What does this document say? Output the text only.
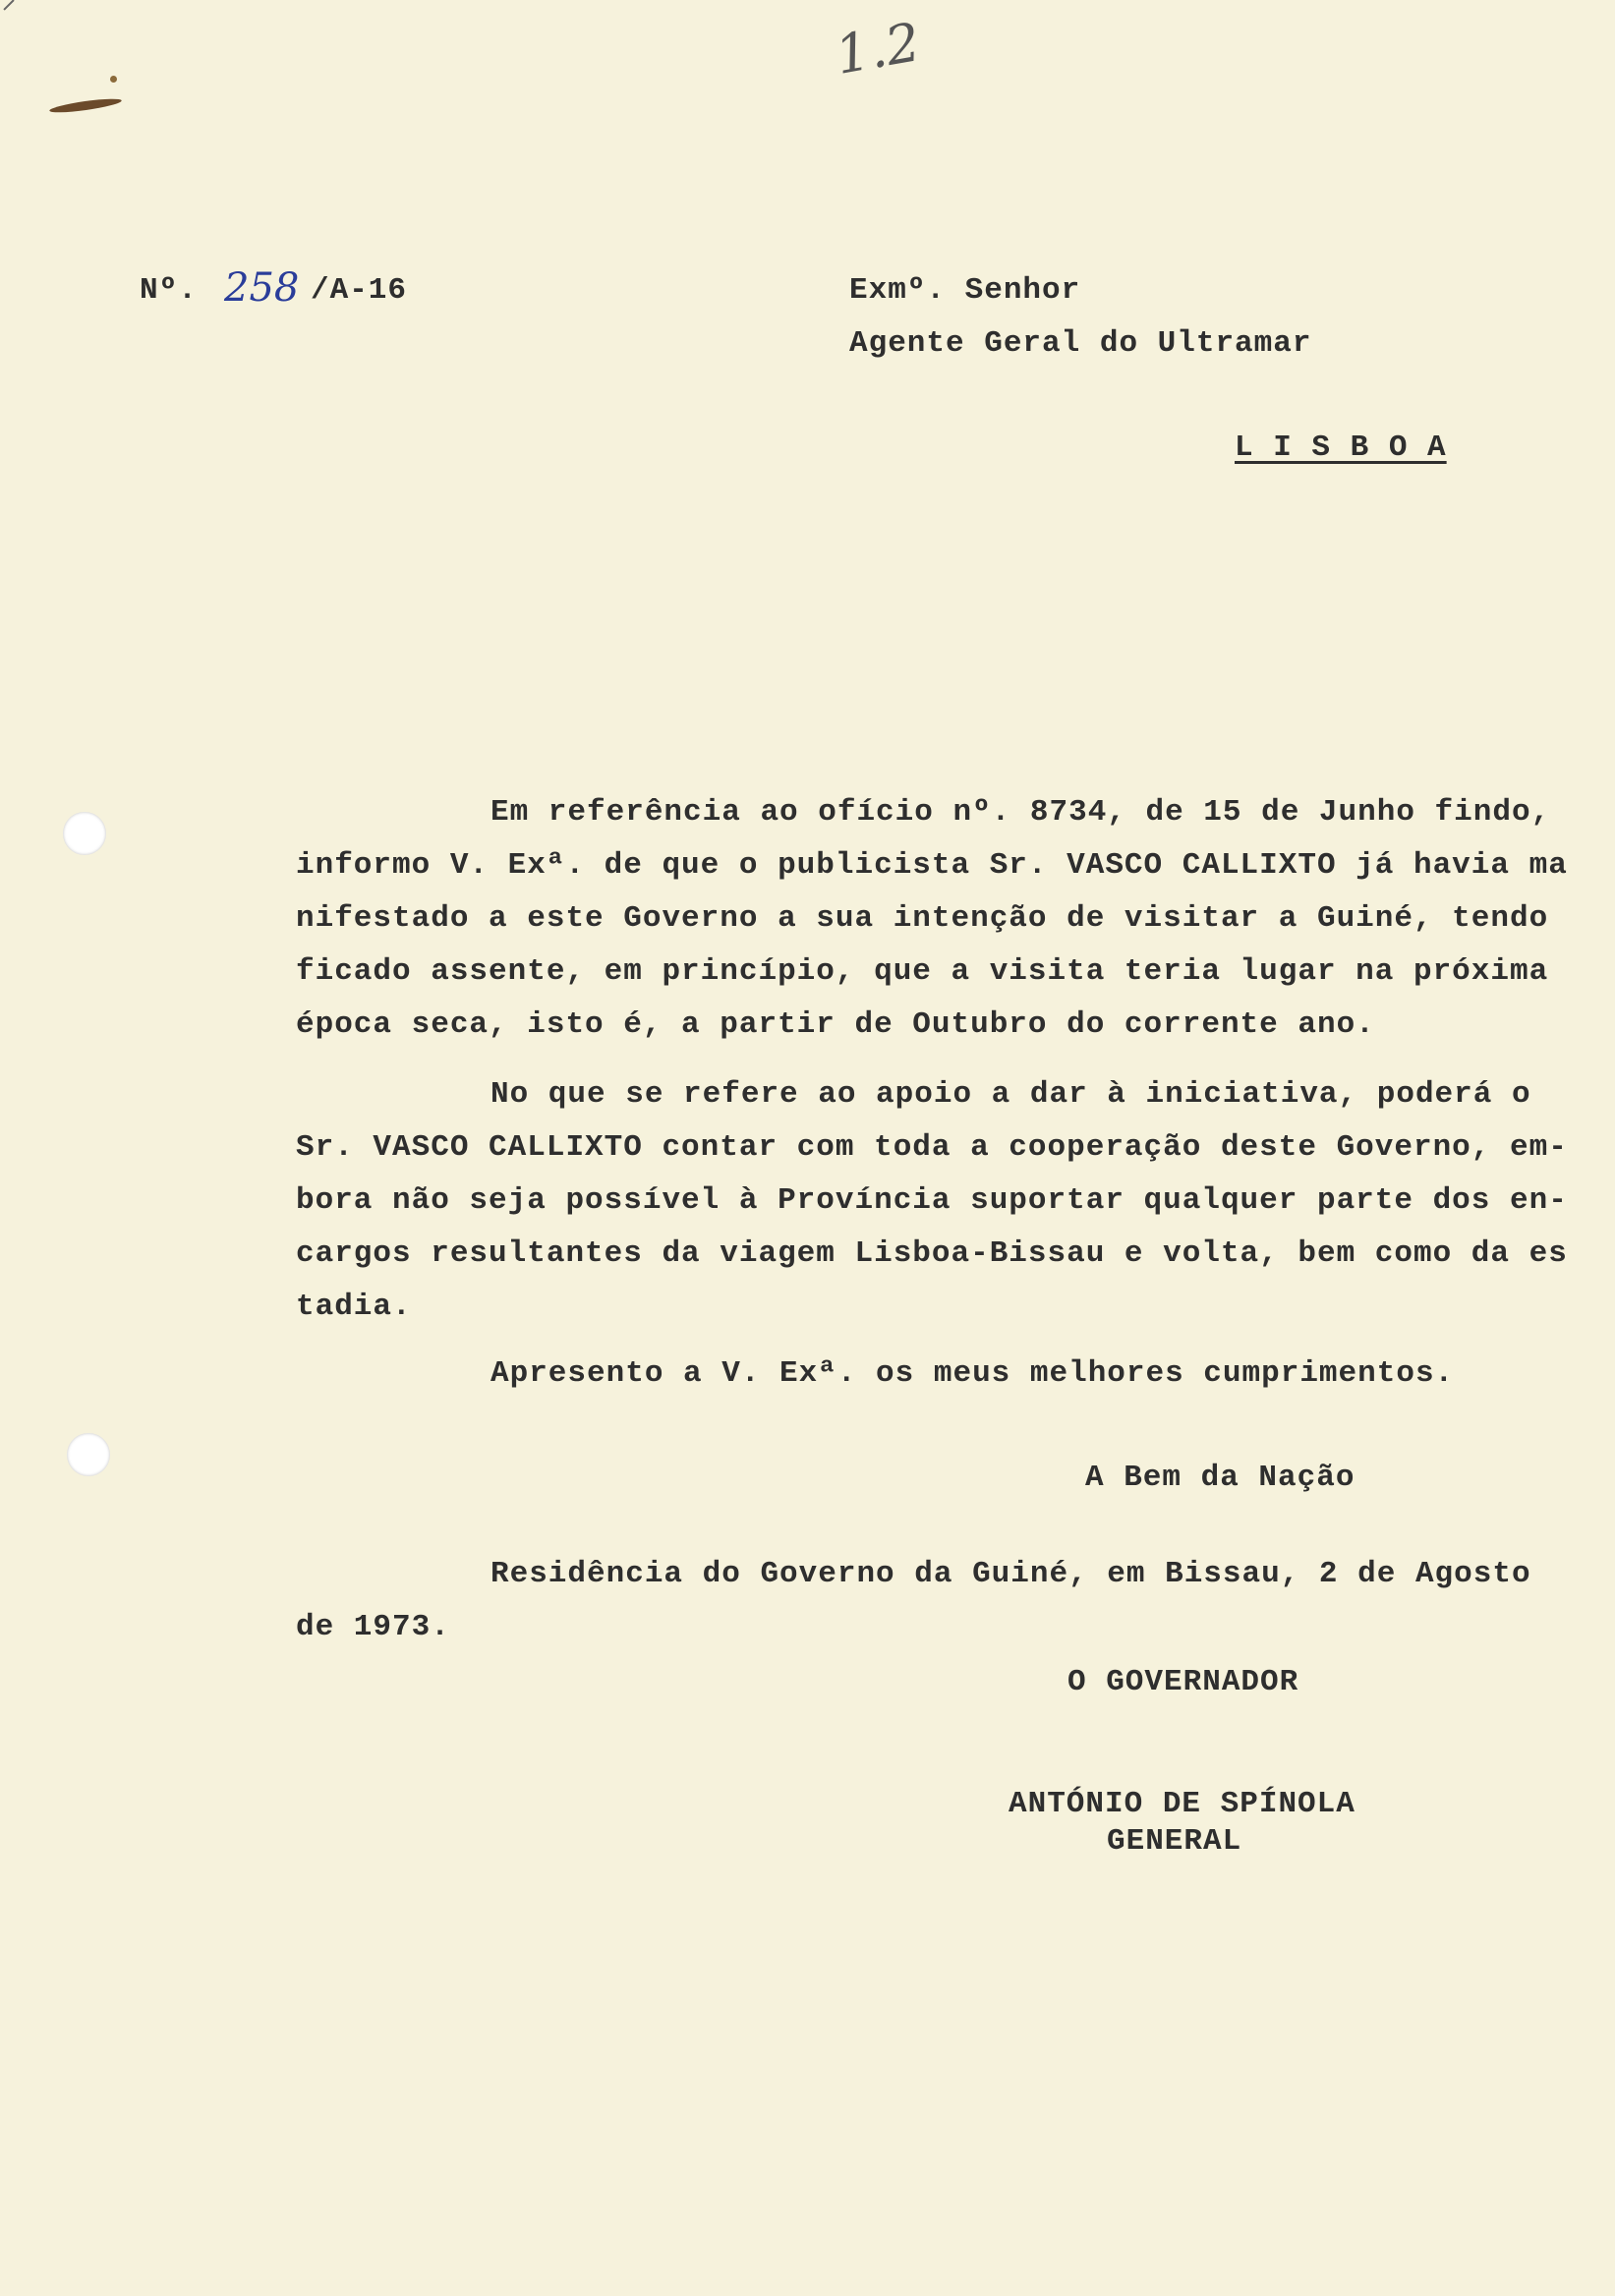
1.2
Nº. 258 /A-16	Exmº. Senhor
Agente Geral do Ultramar
L I S B O A
Em referência ao ofício nº. 8734, de 15 de Junho findo,
informo V. Exª. de que o publicista Sr. VASCO CALLIXTO já havia ma
nifestado a este Governo a sua intenção de visitar a Guiné, tendo
ficado assente, em princípio, que a visita teria lugar na próxima
época seca, isto é, a partir de Outubro do corrente ano.
No que se refere ao apoio a dar à iniciativa, poderá o
Sr. VASCO CALLIXTO contar com toda a cooperação deste Governo, em-
bora não seja possível à Província suportar qualquer parte dos en-
cargos resultantes da viagem Lisboa-Bissau e volta, bem como da es
tadia.
Apresento a V. Exª. os meus melhores cumprimentos.
A Bem da Nação
Residência do Governo da Guiné, em Bissau, 2 de Agosto
de 1973.
O GOVERNADOR
ANTÓNIO DE SPÍNOLA
GENERAL
